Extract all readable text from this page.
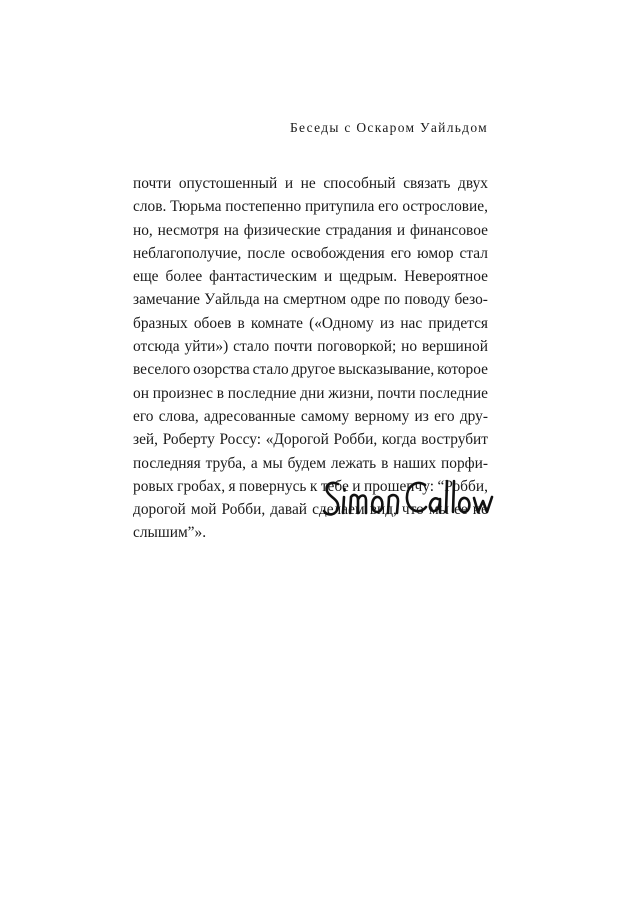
Беседы с Оскаром Уайльдом
почти опустошенный и не способный связать двух
слов. Тюрьма постепенно притупила его остроcловие,
но, несмотря на физические страдания и финансовое
неблагополучие, после освобождения его юмор стал
еще более фантастическим и щедрым. Невероятное
замечание Уайльда на смертном одре по поводу безо-
бразных обоев в комнате («Одному из нас придется
отсюда уйти») стало почти поговоркой; но вершиной
веселого озорства стало другое высказывание, которое
он произнес в последние дни жизни, почти последние
его слова, адресованные самому верному из его дру-
зей, Роберту Россу: «Дорогой Робби, когда вострубит
последняя труба, а мы будем лежать в наших порфи-
ровых гробах, я повернусь к тебе и прошепчу: “Робби,
дорогой мой Робби, давай сделаем вид, что мы ее не
слышим”».
